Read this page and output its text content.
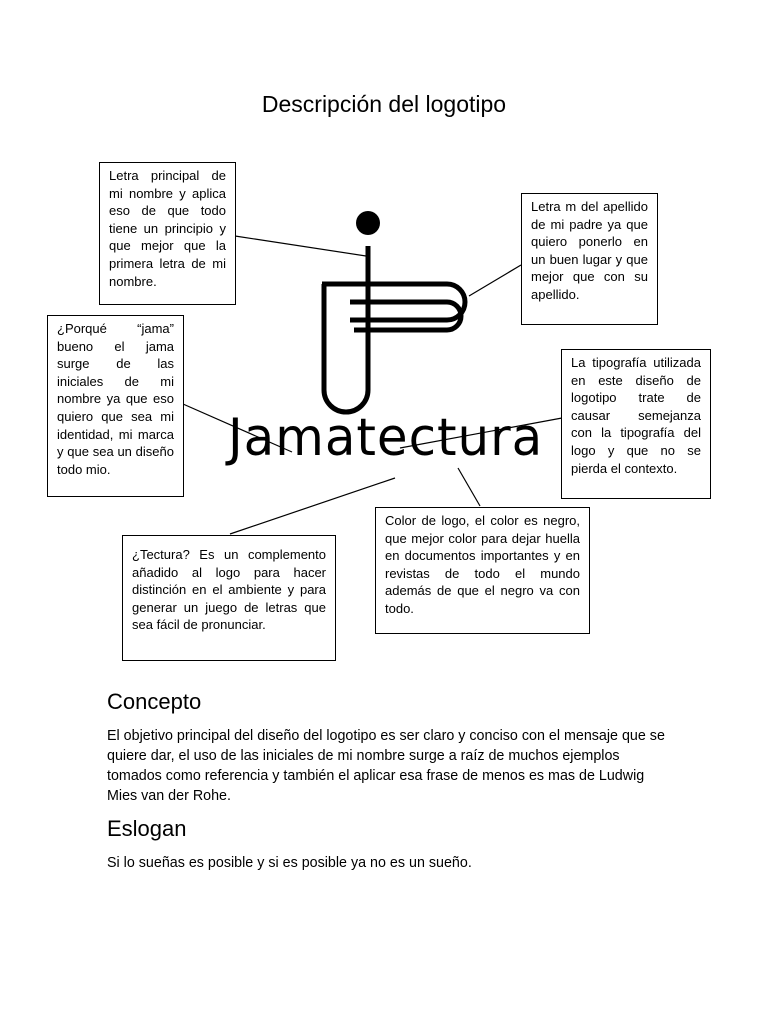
Descripción del logotipo
Jamatectura
Letra principal de mi nombre y aplica eso de que todo tiene un principio y que mejor que la primera letra de mi nombre.
Letra m del apellido de mi padre ya que quiero ponerlo en un buen lugar y que mejor que con su apellido.
¿Porqué “jama” bueno el jama surge de las iniciales de mi nombre ya que eso quiero que sea mi identidad, mi marca y que sea un diseño todo mio.
La tipografía utilizada en este diseño de logotipo trate de causar semejanza con la tipografía del logo y que no se pierda el contexto.
Color de logo, el color es negro, que mejor color para dejar huella en documentos importantes y en revistas de todo el mundo además de que el negro va con todo.
¿Tectura? Es un complemento añadido al logo para hacer distinción en el ambiente y para generar un juego de letras que sea fácil de pronunciar.
Concepto

El objetivo principal del diseño del logotipo es ser claro y conciso con el mensaje que se quiere dar, el uso de las iniciales de mi nombre surge a raíz de muchos ejemplos tomados como referencia y también el aplicar esa frase de menos es mas de Ludwig Mies van der Rohe.

Eslogan

Si lo sueñas es posible y si es posible ya no es un sueño.
